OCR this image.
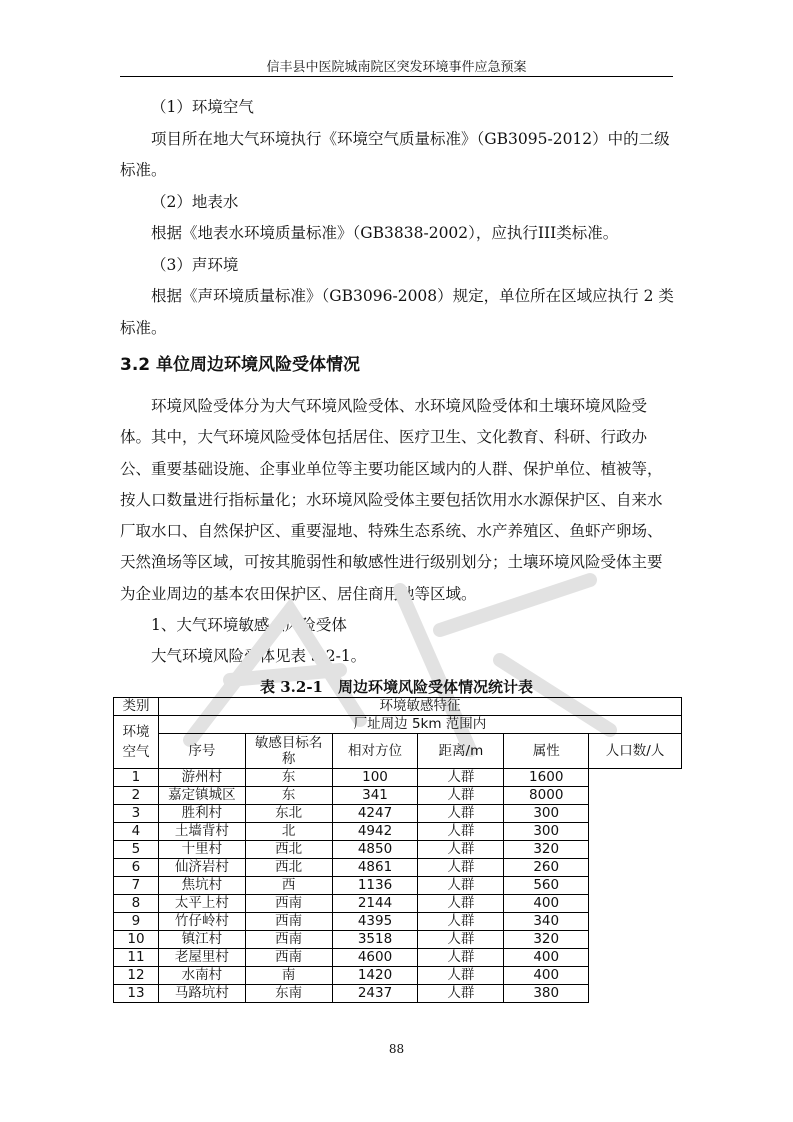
信丰县中医院城南院区突发环境事件应急预案

（1）环境空气

项目所在地大气环境执行《环境空气质量标准》（GB3095-2012）中的二级标准。

（2）地表水

根据《地表水环境质量标准》（GB3838-2002），应执行III类标准。

（3）声环境

根据《声环境质量标准》（GB3096-2008）规定，单位所在区域应执行 2 类标准。

3.2 单位周边环境风险受体情况

环境风险受体分为大气环境风险受体、水环境风险受体和土壤环境风险受体。其中，大气环境风险受体包括居住、医疗卫生、文化教育、科研、行政办公、重要基础设施、企事业单位等主要功能区域内的人群、保护单位、植被等，按人口数量进行指标量化；水环境风险受体主要包括饮用水水源保护区、自来水厂取水口、自然保护区、重要湿地、特殊生态系统、水产养殖区、鱼虾产卵场、天然渔场等区域，可按其脆弱性和敏感性进行级别划分；土壤环境风险受体主要为企业周边的基本农田保护区、居住商用地等区域。

1、大气环境敏感点风险受体

大气环境风险受体见表 3.2-1。

表 3.2-1　周边环境风险受体情况统计表
类别	环境敏感特征					
环境空气	厂址周边 5km 范围内					
	序号	敏感目标名称	相对方位	距离/m	属性	人口数/人
1	游州村	东	100	人群	1600	
2	嘉定镇城区	东	341	人群	8000	
3	胜利村	东北	4247	人群	300	
4	土墙背村	北	4942	人群	300	
5	十里村	西北	4850	人群	320	
6	仙济岩村	西北	4861	人群	260	
7	焦坑村	西	1136	人群	560	
8	太平上村	西南	2144	人群	400	
9	竹仔岭村	西南	4395	人群	340	
10	镇江村	西南	3518	人群	320	
11	老屋里村	西南	4600	人群	400	
12	水南村	南	1420	人群	400	
13	马路坑村	东南	2437	人群	380	
88
